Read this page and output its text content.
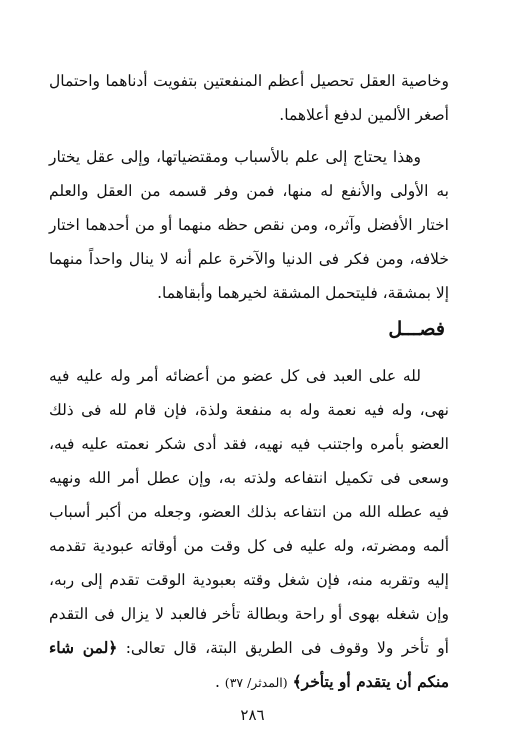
وخاصية العقل تحصيل أعظم المنفعتين بتفويت أدناهما واحتمال أصغر الألمين لدفع أعلاهما.

وهذا يحتاج إلى علم بالأسباب ومقتضياتها، وإلى عقل يختار به الأولى والأنفع له منها، فمن وفر قسمه من العقل والعلم اختار الأفضل وآثره، ومن نقص حظه منهما أو من أحدهما اختار خلافه، ومن فكر فى الدنيا والآخرة علم أنه لا ينال واحداً منهما إلا بمشقة، فليتحمل المشقة لخيرهما وأبقاهما.

فصـــل

لله على العبد فى كل عضو من أعضائه أمر وله عليه فيه نهى، وله فيه نعمة وله به منفعة ولذة، فإن قام لله فى ذلك العضو بأمره واجتنب فيه نهيه، فقد أدى شكر نعمته عليه فيه، وسعى فى تكميل انتفاعه ولذته به، وإن عطل أمر الله ونهيه فيه عطله الله من انتفاعه بذلك العضو، وجعله من أكبر أسباب ألمه ومضرته، وله عليه فى كل وقت من أوقاته عبودية تقدمه إليه وتقربه منه، فإن شغل وقته بعبودية الوقت تقدم إلى ربه، وإن شغله بهوى أو راحة وبطالة تأخر فالعبد لا يزال فى التقدم أو تأخر ولا وقوف فى الطريق البتة، قال تعالى: ﴿لمن شاء منكم أن يتقدم أو يتأخر﴾ (المدثر/ ٣٧) .

٢٨٦
